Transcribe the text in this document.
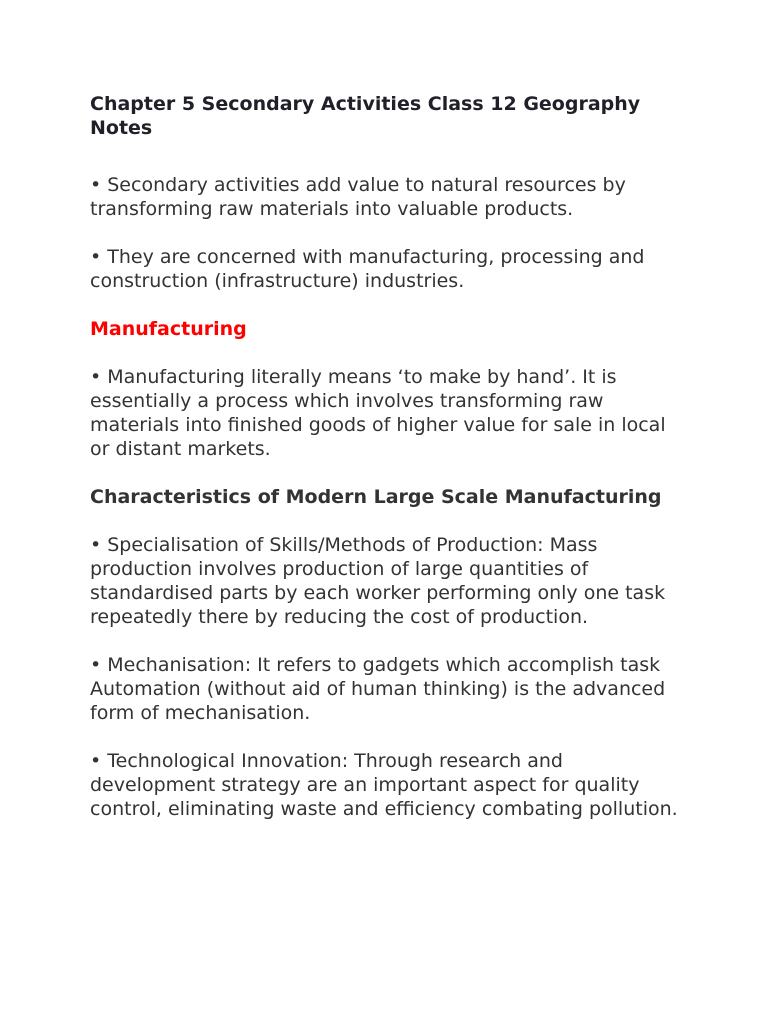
Chapter 5 Secondary Activities Class 12 Geography Notes

• Secondary activities add value to natural resources by transforming raw materials into valuable products.

• They are concerned with manufacturing, processing and construction (infrastructure) industries.

Manufacturing

• Manufacturing literally means ‘to make by hand’. It is essentially a process which involves transforming raw materials into finished goods of higher value for sale in local or distant markets.

Characteristics of Modern Large Scale Manufacturing

• Specialisation of Skills/Methods of Production: Mass production involves production of large quantities of standardised parts by each worker performing only one task repeatedly there by reducing the cost of production.

• Mechanisation: It refers to gadgets which accomplish task Automation (without aid of human thinking) is the advanced form of mechanisation.

• Technological Innovation: Through research and development strategy are an important aspect for quality control, eliminating waste and efficiency combating pollution.
